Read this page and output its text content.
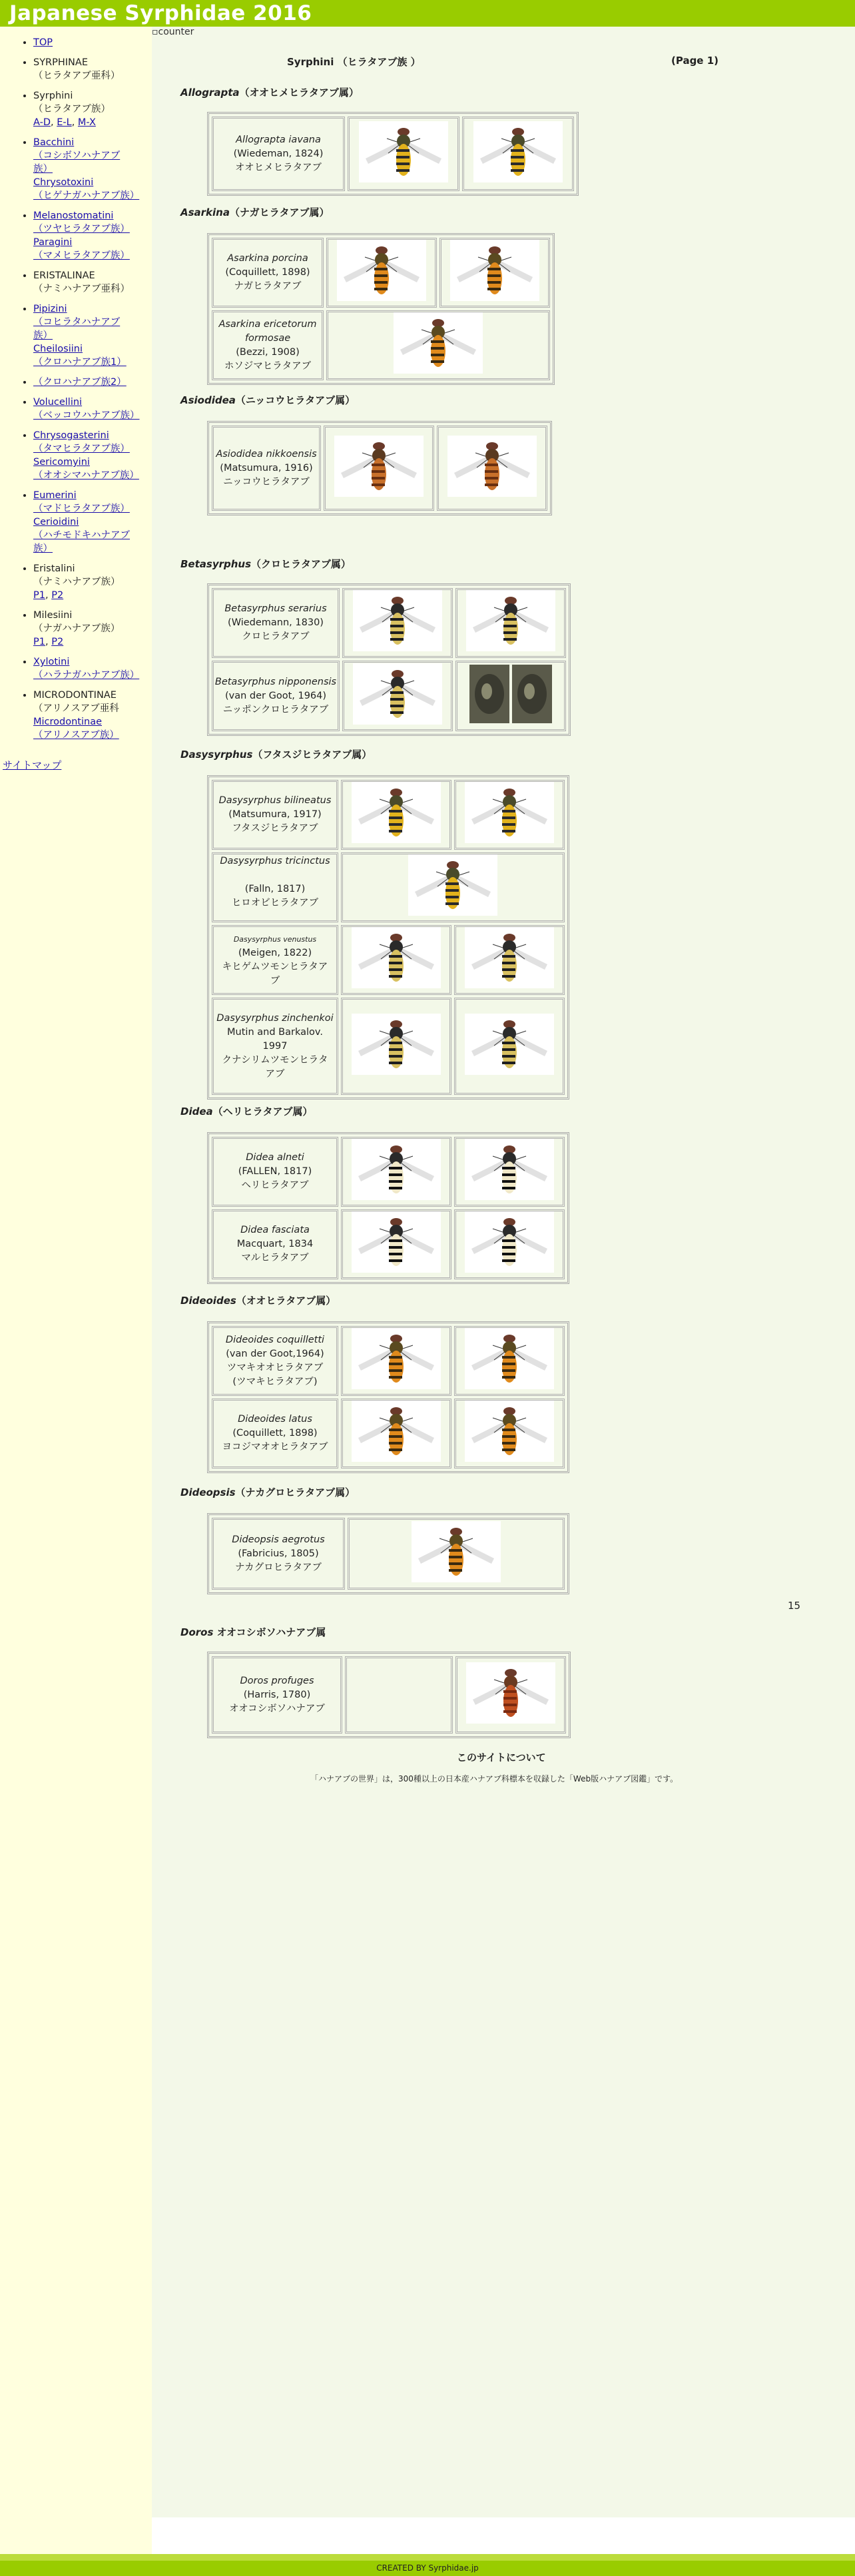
Japanese Syrphidae 2016
• TOP
• SYRPHINAE
（ヒラタアブ亜科）
• Syrphini
（ヒラタアブ族）
A-D, E-L, M-X
• Bacchini
（コシボソハナアブ
族）
Chrysotoxini
（ヒゲナガハナアブ族）
• Melanostomatini
（ツヤヒラタアブ族）
Paragini
（マメヒラタアブ族）
• ERISTALINAE
（ナミハナアブ亜科）
• Pipizini
（コヒラタハナアブ
族）
Cheilosiini
（クロハナアブ族1）
• （クロハナアブ族2）
• Volucellini
（ベッコウハナアブ族）
• Chrysogasterini
（タマヒラタアブ族）
Sericomyini
（オオシマハナアブ族）
• Eumerini
（マドヒラタアブ族）
Cerioidini
（ハチモドキハナアブ
族）
• Eristalini
（ナミハナアブ族）
P1, P2
• Milesiini
（ナガハナアブ族）
P1, P2
• Xylotini
（ハラナガハナアブ族）
• MICRODONTINAE
（アリノスアブ亜科
Microdontinae
（アリノスアブ族）
サイトマップ
▫counter
Syrphini （ヒラタアブ族 ）	(Page 1)
Allograpta（オオヒメヒラタアブ属）
Asarkina（ナガヒラタアブ属）
Asiodidea（ニッコウヒラタアブ属）
Betasyrphus（クロヒラタアブ属）
Dasysyrphus（フタスジヒラタアブ属）
Didea（ヘリヒラタアブ属）
Dideoides（オオヒラタアブ属）
Dideopsis（ナカグロヒラタアブ属）
15
Doros オオコシボソハナアブ属
Allograpta iavana
(Wiedeman, 1824)
オオヒメヒラタアブ		
Asarkina porcina
(Coquillett, 1898)
ナガヒラタアブ		
Asarkina ericetorum formosae
(Bezzi, 1908)
ホソジマヒラタアブ	
Asiodidea nikkoensis
(Matsumura, 1916)
ニッコウヒラタアブ		
Betasyrphus serarius
(Wiedemann, 1830)
クロヒラタアブ		
Betasyrphus nipponensis
(van der Goot, 1964)
ニッポンクロヒラタアブ		
Dasysyrphus bilineatus
(Matsumura, 1917)
フタスジヒラタアブ		
Dasysyrphus tricinctus

(Falln, 1817)
ヒロオビヒラタアブ	
Dasysyrphus venustus
(Meigen, 1822)
キヒゲムツモンヒラタア
ブ		
Dasysyrphus zinchenkoi
Mutin and Barkalov. 1997
クナシリムツモンヒラタ
アブ		
Didea alneti
(FALLEN, 1817)
ヘリヒラタアブ		
Didea fasciata
Macquart, 1834
マルヒラタアブ		
Dideoides coquilletti
(van der Goot,1964)
ツマキオオヒラタアブ
(ツマキヒラタアブ)		
Dideoides latus
(Coquillett, 1898)
ヨコジマオオヒラタアブ		
Dideopsis aegrotus
(Fabricius, 1805)
ナカグロヒラタアブ	
Doros profuges
(Harris, 1780)
オオコシボソハナアブ		
このサイトについて
「ハナアブの世界」は，300種以上の日本産ハナアブ科標本を収録した「Web版ハナアブ図鑑」です。
CREATED BY Syrphidae.jp
